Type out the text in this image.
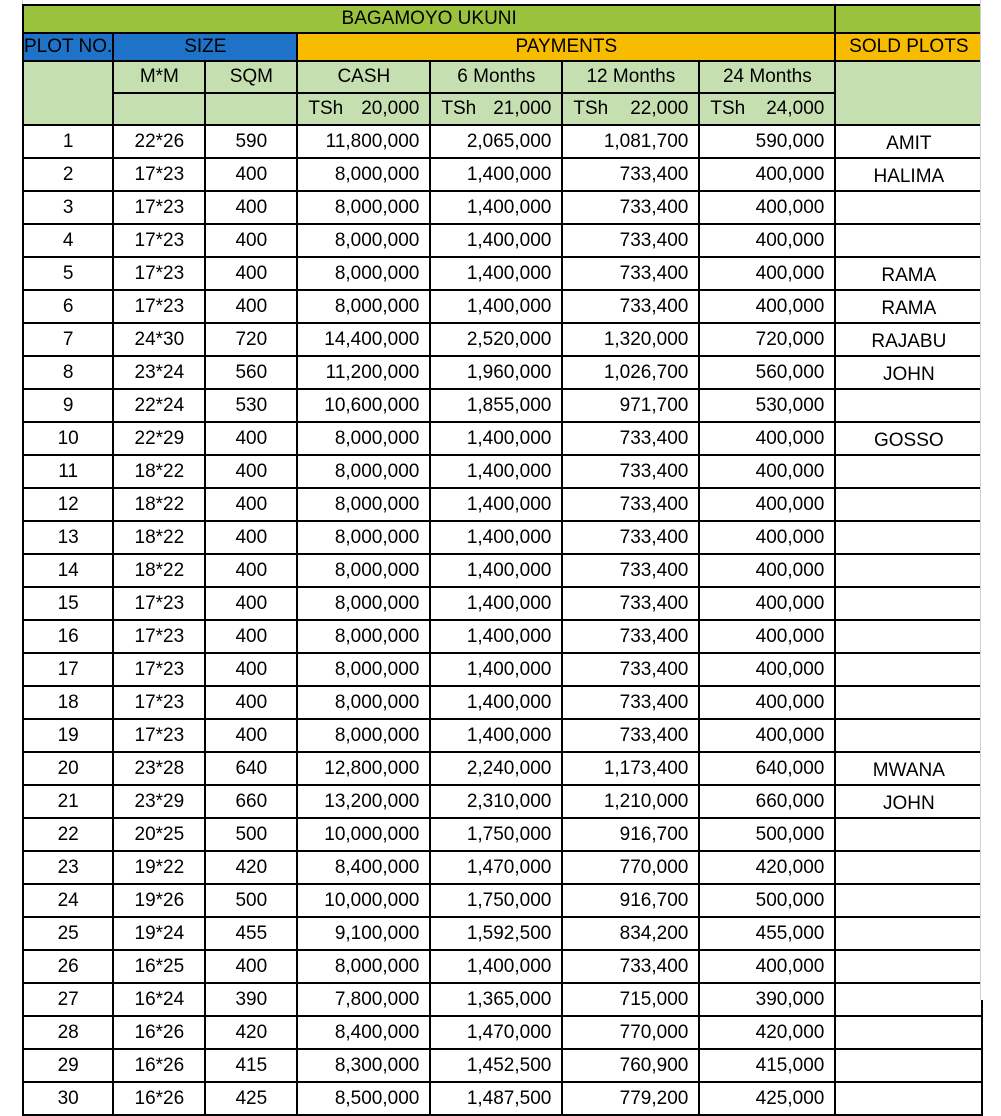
BAGAMOYO UKUNI							
PLOT NO.	SIZE		PAYMENTS				SOLD PLOTS
	M*M	SQM	CASH	6 Months	12 Months	24 Months	

			TSh 20,000	TSh 21,000	TSh 22,000	TSh 24,000	

1	22*26	590	11,800,000	2,065,000	1,081,700	590,000	AMIT
2	17*23	400	8,000,000	1,400,000	733,400	400,000	HALIMA
3	17*23	400	8,000,000	1,400,000	733,400	400,000	
4	17*23	400	8,000,000	1,400,000	733,400	400,000	
5	17*23	400	8,000,000	1,400,000	733,400	400,000	RAMA
6	17*23	400	8,000,000	1,400,000	733,400	400,000	RAMA
7	24*30	720	14,400,000	2,520,000	1,320,000	720,000	RAJABU
8	23*24	560	11,200,000	1,960,000	1,026,700	560,000	JOHN
9	22*24	530	10,600,000	1,855,000	971,700	530,000	
10	22*29	400	8,000,000	1,400,000	733,400	400,000	GOSSO
11	18*22	400	8,000,000	1,400,000	733,400	400,000	
12	18*22	400	8,000,000	1,400,000	733,400	400,000	
13	18*22	400	8,000,000	1,400,000	733,400	400,000	
14	18*22	400	8,000,000	1,400,000	733,400	400,000	
15	17*23	400	8,000,000	1,400,000	733,400	400,000	
16	17*23	400	8,000,000	1,400,000	733,400	400,000	
17	17*23	400	8,000,000	1,400,000	733,400	400,000	
18	17*23	400	8,000,000	1,400,000	733,400	400,000	
19	17*23	400	8,000,000	1,400,000	733,400	400,000	
20	23*28	640	12,800,000	2,240,000	1,173,400	640,000	MWANA
21	23*29	660	13,200,000	2,310,000	1,210,000	660,000	JOHN
22	20*25	500	10,000,000	1,750,000	916,700	500,000	
23	19*22	420	8,400,000	1,470,000	770,000	420,000	
24	19*26	500	10,000,000	1,750,000	916,700	500,000	
25	19*24	455	9,100,000	1,592,500	834,200	455,000	
26	16*25	400	8,000,000	1,400,000	733,400	400,000	
27	16*24	390	7,800,000	1,365,000	715,000	390,000	
28	16*26	420	8,400,000	1,470,000	770,000	420,000	
29	16*26	415	8,300,000	1,452,500	760,900	415,000	
30	16*26	425	8,500,000	1,487,500	779,200	425,000	
